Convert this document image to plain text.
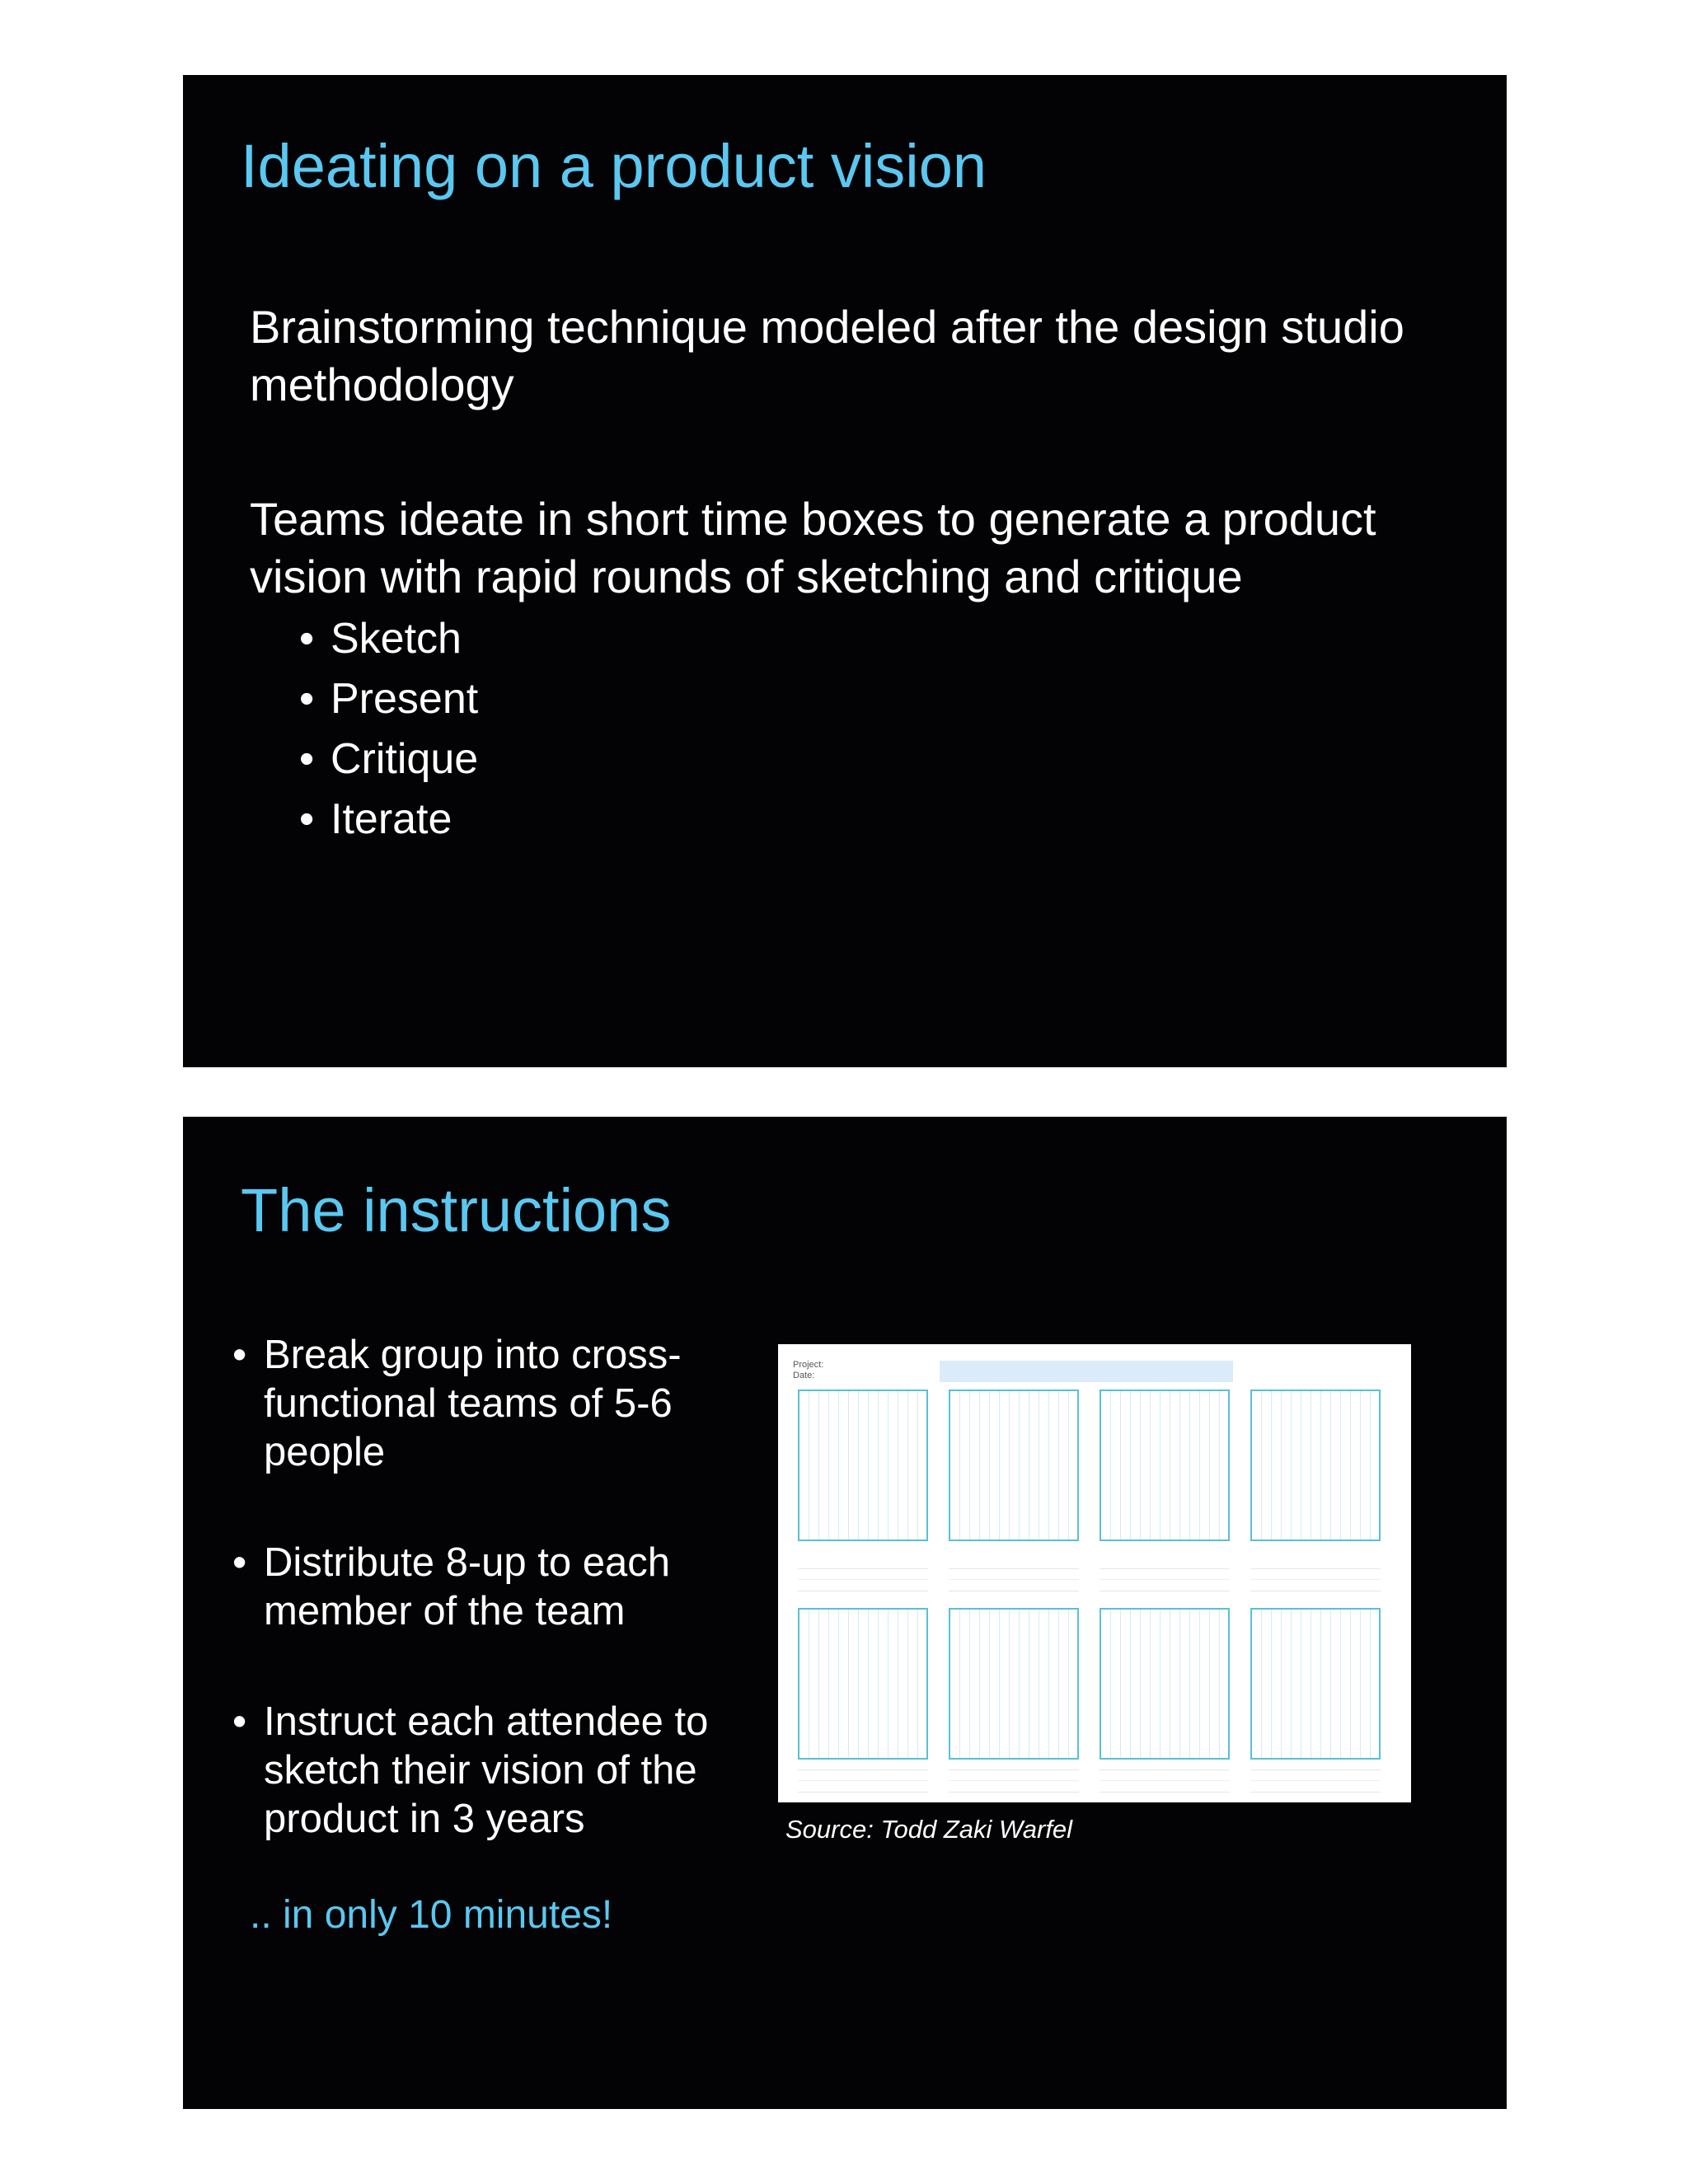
Ideating on a product vision

Brainstorming technique modeled after the design studio methodology

Teams ideate in short time boxes to generate a product vision with rapid rounds of sketching and critique

• Sketch
• Present
• Critique
• Iterate
The instructions
• Break group into cross-functional teams of 5-6 people
• Distribute 8-up to each member of the team
• Instruct each attendee to sketch their vision of the product in 3 years

.. in only 10 minutes!

Project:
Date:

Source: Todd Zaki Warfel
